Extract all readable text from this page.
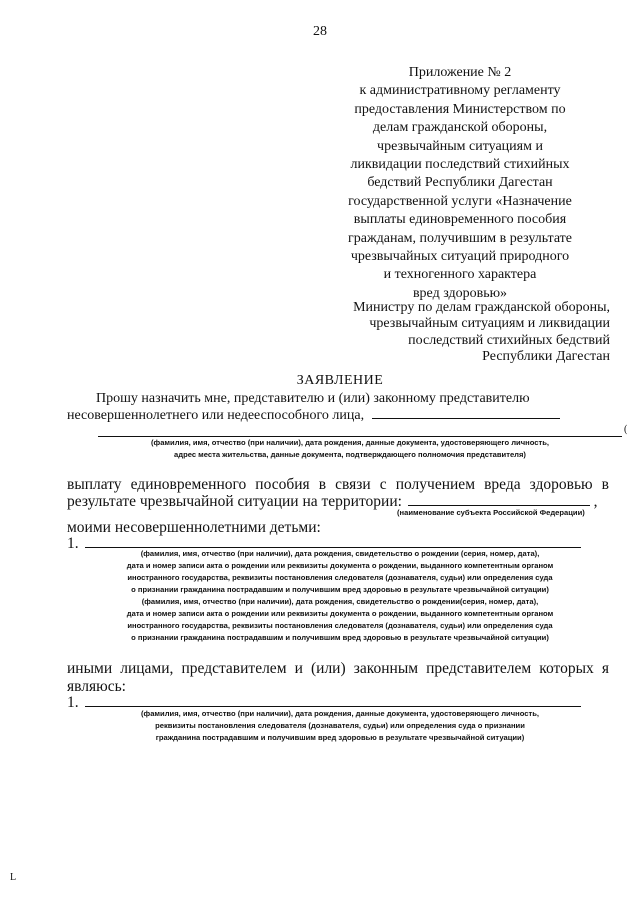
28
Приложение № 2
к административному регламенту
предоставления Министерством по
делам гражданской обороны,
чрезвычайным ситуациям и
ликвидации последствий стихийных
бедствий Республики Дагестан
государственной услуги «Назначение
выплаты единовременного пособия
гражданам, получившим в результате
чрезвычайных ситуаций природного
и техногенного характера
вред здоровью»
Министру по делам гражданской обороны,
чрезвычайным ситуациям и ликвидации
последствий стихийных бедствий
Республики Дагестан
ЗАЯВЛЕНИЕ
Прошу назначить мне, представителю и (или) законному представителю
несовершеннолетнего или недееспособного лица,
(
(фамилия, имя, отчество (при наличии), дата рождения, данные документа, удостоверяющего личность,
адрес места жительства, данные документа, подтверждающего полномочия представителя)
выплату единовременного пособия в связи с получением вреда здоровью в
результате чрезвычайной ситуации на территории:	,
(наименование субъекта Российской Федерации)
моими несовершеннолетними детьми:
1.
(фамилия, имя, отчество (при наличии), дата рождения, свидетельство о рождении (серия, номер, дата),
дата и номер записи акта о рождении или реквизиты документа о рождении, выданного компетентным органом
иностранного государства, реквизиты постановления следователя (дознавателя, судьи) или определения суда
о признании гражданина пострадавшим и получившим вред здоровью в результате чрезвычайной ситуации)
(фамилия, имя, отчество (при наличии), дата рождения, свидетельство о рождении(серия, номер, дата),
дата и номер записи акта о рождении или реквизиты документа о рождении, выданного компетентным органом
иностранного государства, реквизиты постановления следователя (дознавателя, судьи) или определения суда
о признании гражданина пострадавшим и получившим вред здоровью в результате чрезвычайной ситуации)
иными лицами, представителем и (или) законным представителем которых я
являюсь:
1.
(фамилия, имя, отчество (при наличии), дата рождения, данные документа, удостоверяющего личность,
реквизиты постановления следователя (дознавателя, судьи) или определения суда о признании
гражданина пострадавшим и получившим вред здоровью в результате чрезвычайной ситуации)
L
